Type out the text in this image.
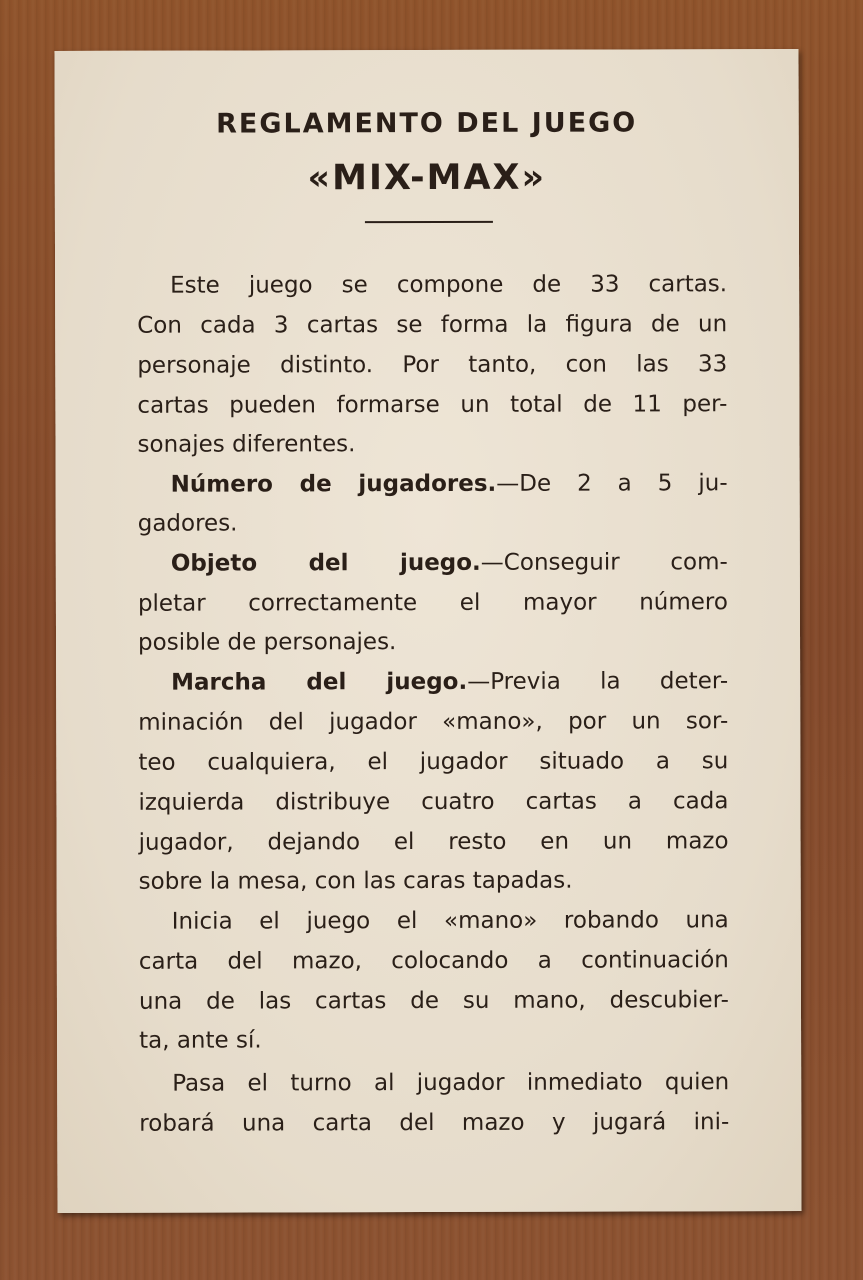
REGLAMENTO DEL JUEGO
«MIX-MAX»
Este juego se compone de 33 cartas.
Con cada 3 cartas se forma la figura de un
personaje distinto. Por tanto, con las 33
cartas pueden formarse un total de 11 per-
sonajes diferentes.
Número de jugadores.—De 2 a 5 ju-
gadores.
Objeto del juego.—Conseguir com-
pletar correctamente el mayor número
posible de personajes.
Marcha del juego.—Previa la deter-
minación del jugador «mano», por un sor-
teo cualquiera, el jugador situado a su
izquierda distribuye cuatro cartas a cada
jugador, dejando el resto en un mazo
sobre la mesa, con las caras tapadas.
Inicia el juego el «mano» robando una
carta del mazo, colocando a continuación
una de las cartas de su mano, descubier-
ta, ante sí.
Pasa el turno al jugador inmediato quien
robará una carta del mazo y jugará ini-
